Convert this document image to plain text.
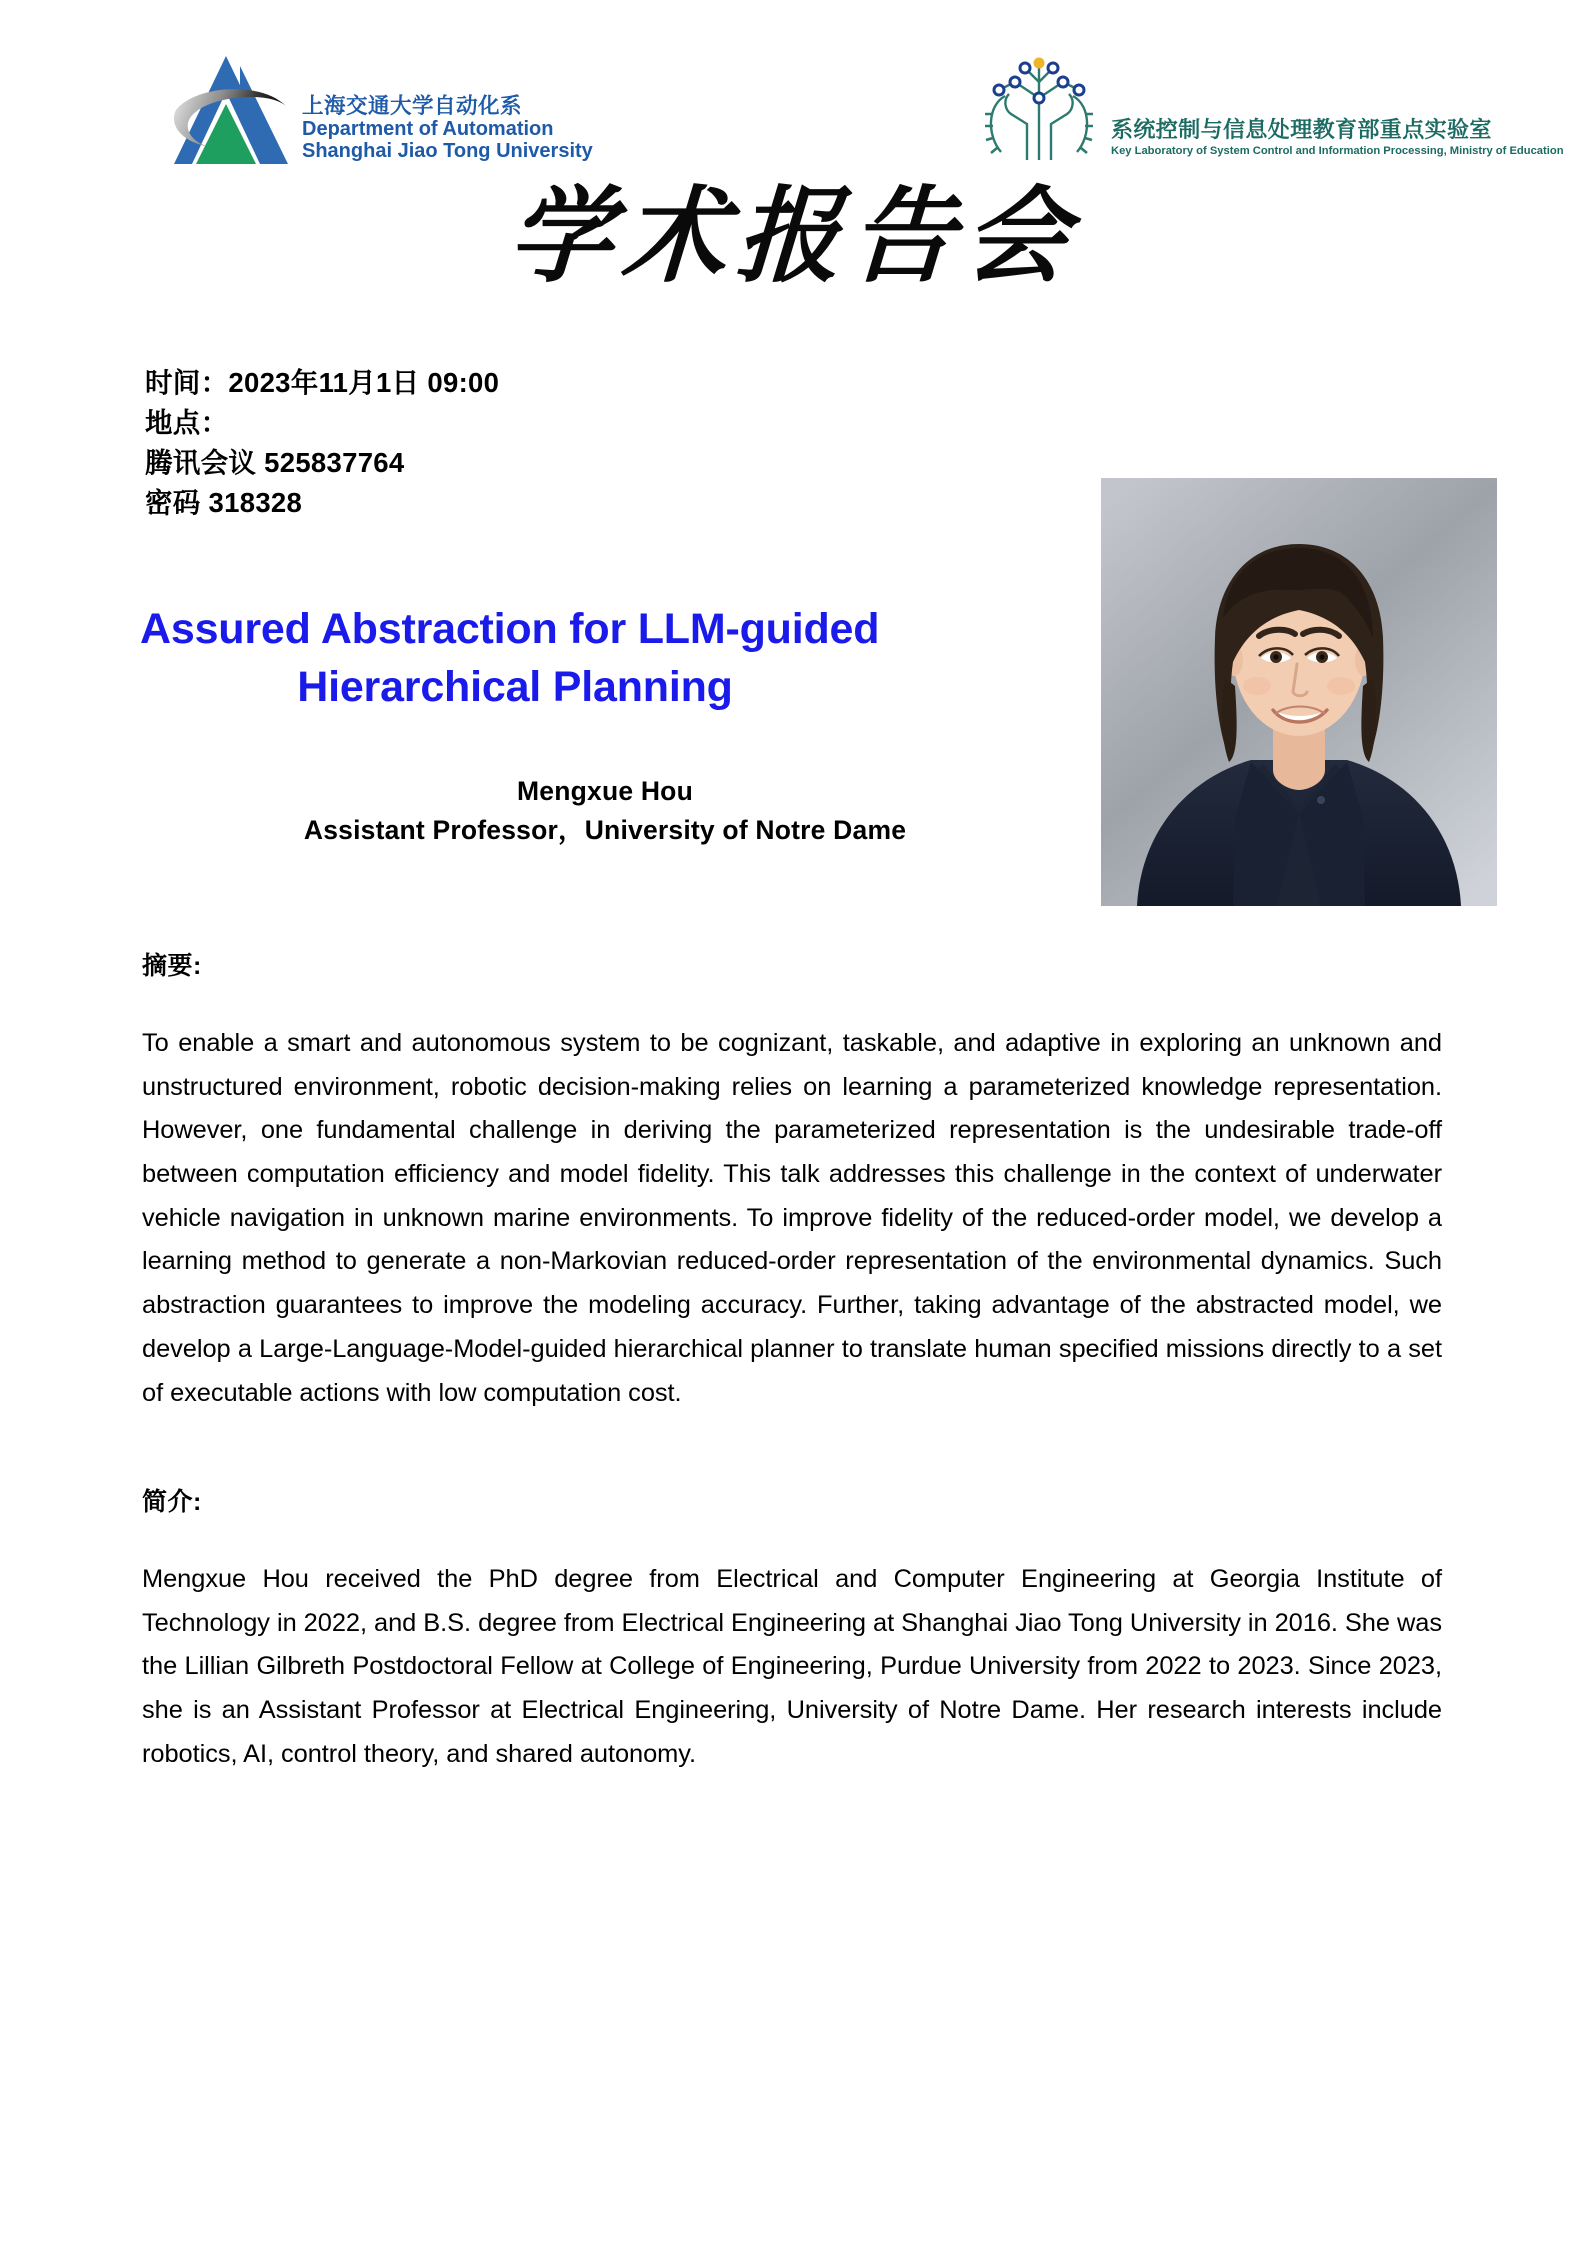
上海交通大学自动化系
Department of Automation
Shanghai Jiao Tong University
系统控制与信息处理教育部重点实验室
Key Laboratory of System Control and Information Processing, Ministry of Education
学术报告会
时间：2023年11月1日 09:00
地点：
腾讯会议 525837764
密码 318328
Assured Abstraction for LLM-guided
Hierarchical Planning
Mengxue Hou
Assistant Professor，University of Notre Dame
摘要:
To enable a smart and autonomous system to be cognizant, taskable, and adaptive in exploring an unknown and unstructured environment, robotic decision-making relies on learning a parameterized knowledge representation. However, one fundamental challenge in deriving the parameterized representation is the undesirable trade-off between computation efficiency and model fidelity. This talk addresses this challenge in the context of underwater vehicle navigation in unknown marine environments. To improve fidelity of the reduced-order model, we develop a learning method to generate a non-Markovian reduced-order representation of the environmental dynamics. Such abstraction guarantees to improve the modeling accuracy. Further, taking advantage of the abstracted model, we develop a Large-Language-Model-guided hierarchical planner to translate human specified missions directly to a set of executable actions with low computation cost.
简介:
Mengxue Hou received the PhD degree from Electrical and Computer Engineering at Georgia Institute of Technology in 2022, and B.S. degree from Electrical Engineering at Shanghai Jiao Tong University in 2016. She was the Lillian Gilbreth Postdoctoral Fellow at College of Engineering, Purdue University from 2022 to 2023. Since 2023, she is an Assistant Professor at Electrical Engineering, University of Notre Dame. Her research interests include robotics, AI, control theory, and shared autonomy.
